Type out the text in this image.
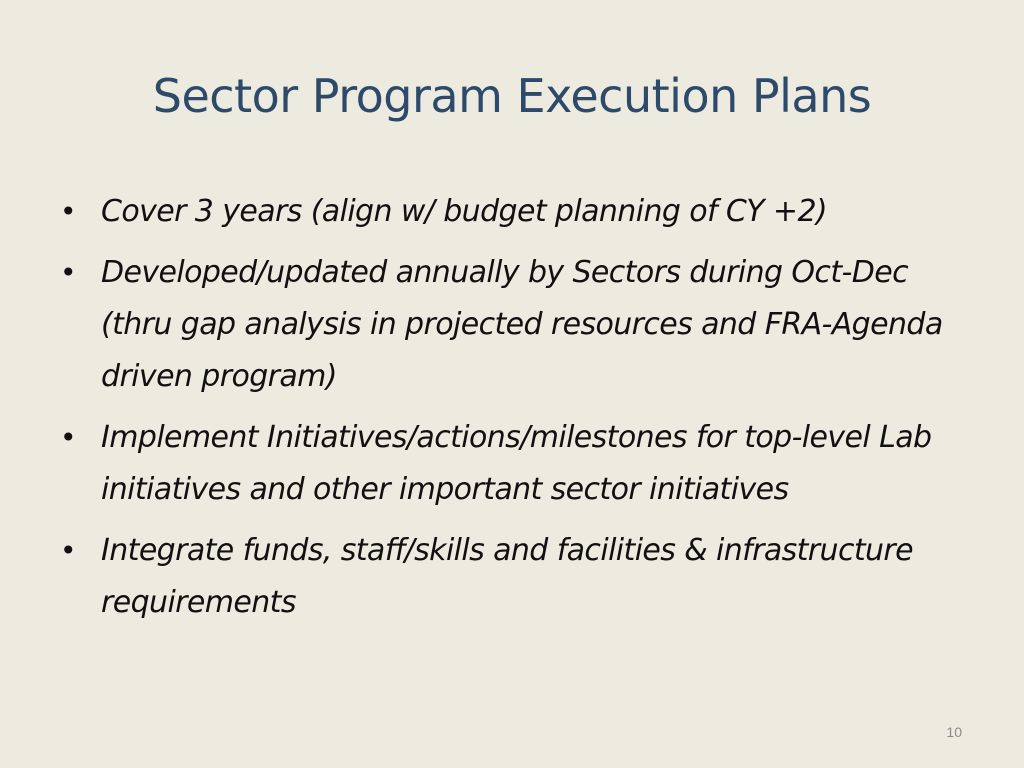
Sector Program Execution Plans
• Cover 3 years (align w/ budget planning of CY +2)
• Developed/updated annually by Sectors during Oct-Dec (thru gap analysis in projected resources and FRA-Agenda driven program)
• Implement Initiatives/actions/milestones for top-level Lab initiatives and other important sector initiatives
• Integrate funds, staff/skills and facilities & infrastructure requirements
10
